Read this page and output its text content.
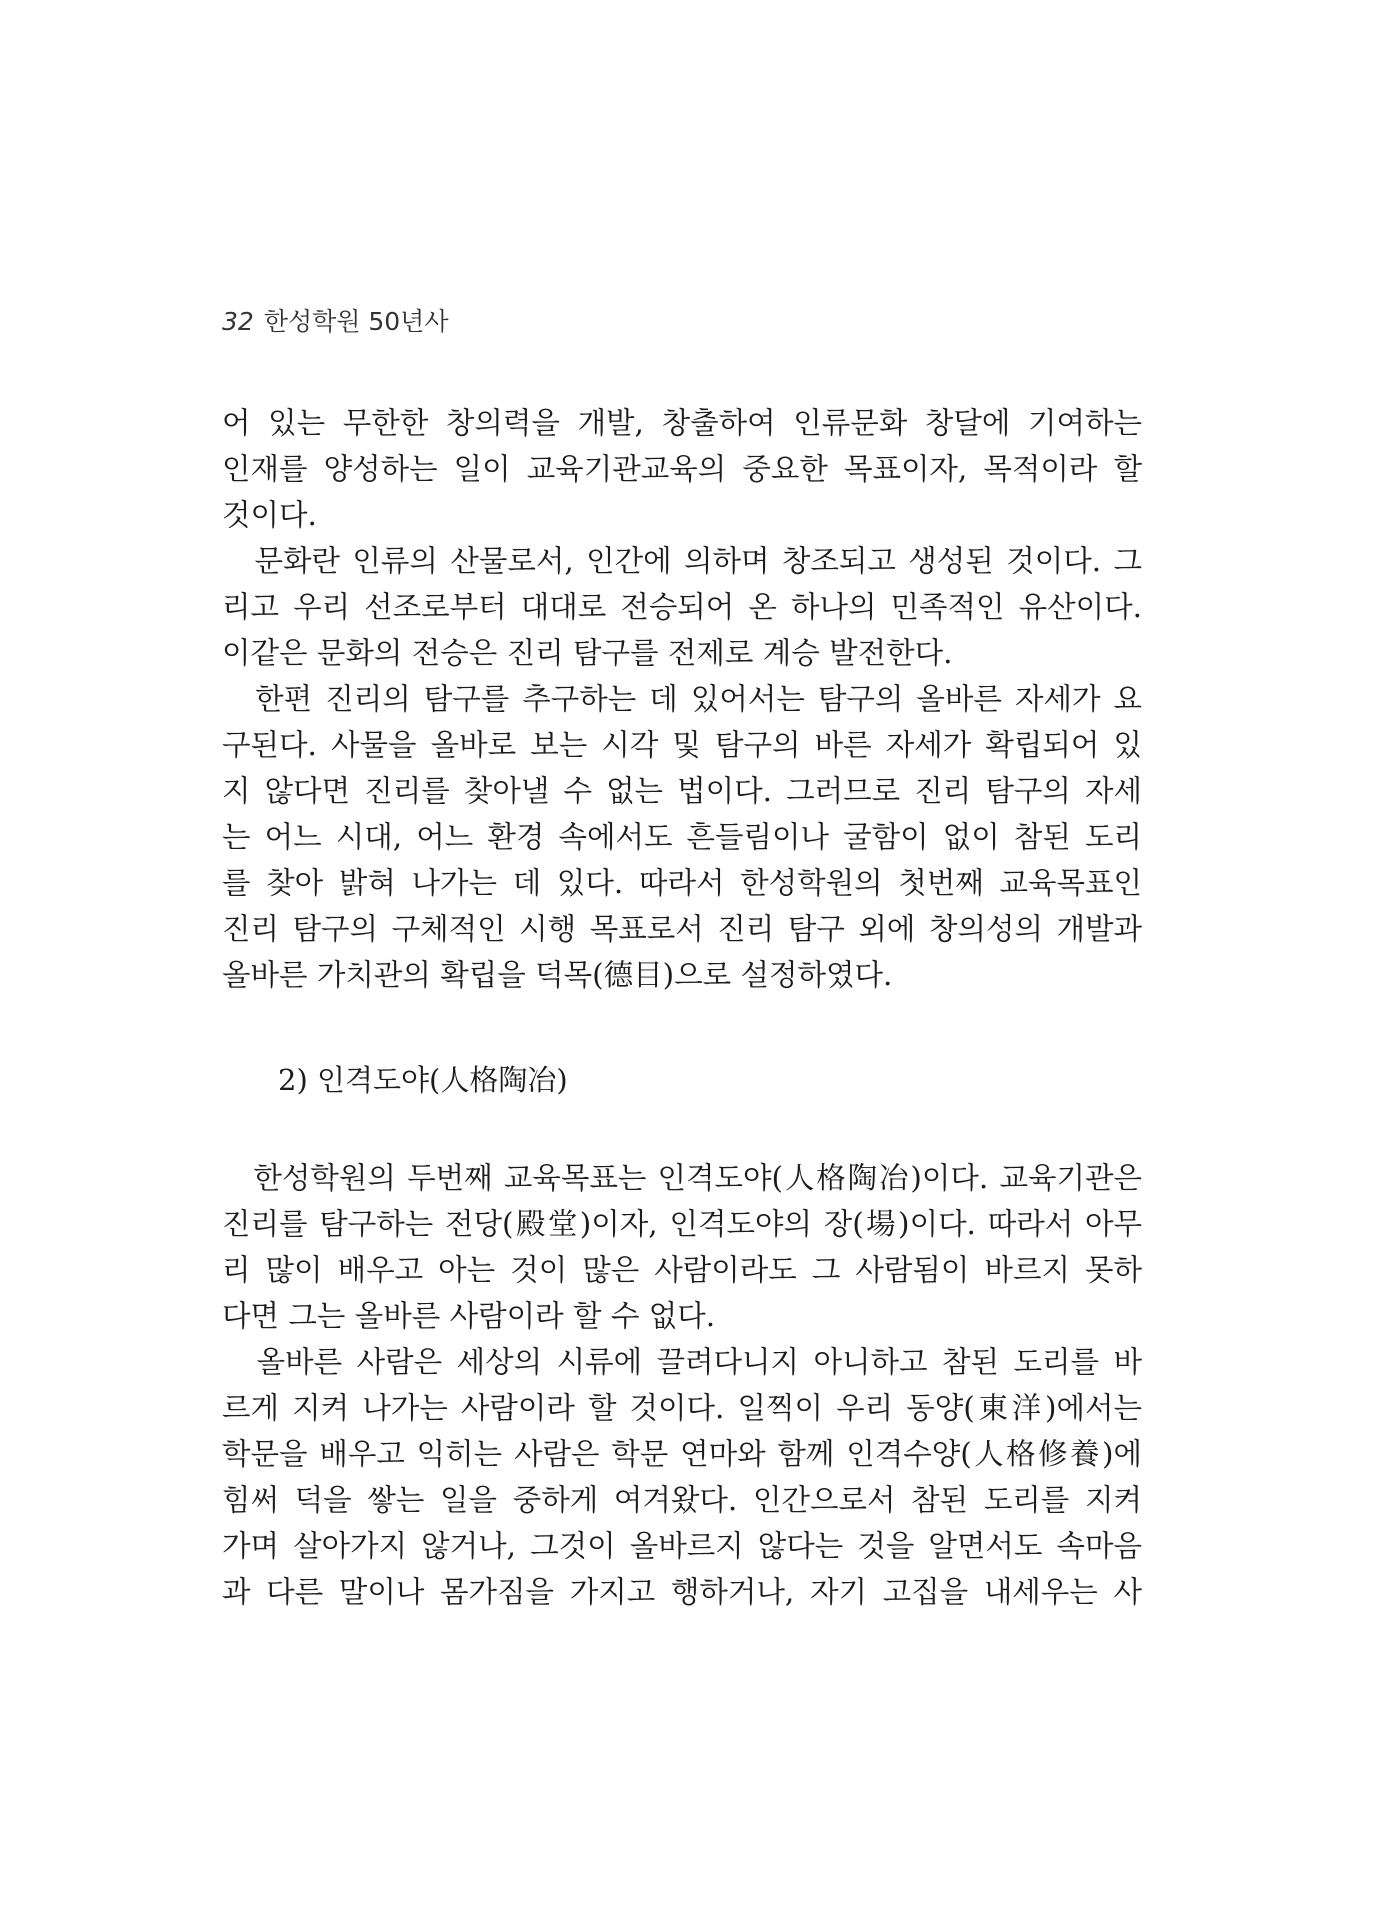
32 한성학원 50년사
어 있는 무한한 창의력을 개발, 창출하여 인류문화 창달에 기여하는
인재를 양성하는 일이 교육기관교육의 중요한 목표이자, 목적이라 할
것이다.
　문화란 인류의 산물로서, 인간에 의하며 창조되고 생성된 것이다. 그
리고 우리 선조로부터 대대로 전승되어 온 하나의 민족적인 유산이다.
이같은 문화의 전승은 진리 탐구를 전제로 계승 발전한다.
　한편 진리의 탐구를 추구하는 데 있어서는 탐구의 올바른 자세가 요
구된다. 사물을 올바로 보는 시각 및 탐구의 바른 자세가 확립되어 있
지 않다면 진리를 찾아낼 수 없는 법이다. 그러므로 진리 탐구의 자세
는 어느 시대, 어느 환경 속에서도 흔들림이나 굴함이 없이 참된 도리
를 찾아 밝혀 나가는 데 있다. 따라서 한성학원의 첫번째 교육목표인
진리 탐구의 구체적인 시행 목표로서 진리 탐구 외에 창의성의 개발과
올바른 가치관의 확립을 덕목(德目)으로 설정하였다.
2) 인격도야(人格陶冶)
　한성학원의 두번째 교육목표는 인격도야(人格陶冶)이다. 교육기관은
진리를 탐구하는 전당(殿堂)이자, 인격도야의 장(場)이다. 따라서 아무
리 많이 배우고 아는 것이 많은 사람이라도 그 사람됨이 바르지 못하
다면 그는 올바른 사람이라 할 수 없다.
　올바른 사람은 세상의 시류에 끌려다니지 아니하고 참된 도리를 바
르게 지켜 나가는 사람이라 할 것이다. 일찍이 우리 동양(東洋)에서는
학문을 배우고 익히는 사람은 학문 연마와 함께 인격수양(人格修養)에
힘써 덕을 쌓는 일을 중하게 여겨왔다. 인간으로서 참된 도리를 지켜
가며 살아가지 않거나, 그것이 올바르지 않다는 것을 알면서도 속마음
과 다른 말이나 몸가짐을 가지고 행하거나, 자기 고집을 내세우는 사
